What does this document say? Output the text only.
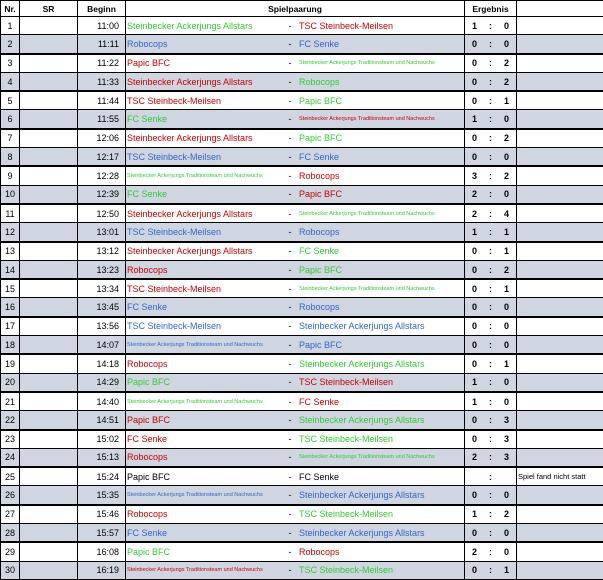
Nr.	SR	Beginn	Spielpaarung	Ergebnis	
1		11:00	Steinbecker Ackerjungs Allstars - TSC Steinbeck-Meilsen	1 : 0	
2		11:11	Robocops - FC Senke	0 : 0	
3		11:22	Papic BFC - Steinbecker Ackerjungs Traditionsteam und Nachwuchs	0 : 2	
4		11:33	Steinbecker Ackerjungs Allstars - Robocops	0 : 2	
5		11:44	TSC Steinbeck-Meilsen - Papic BFC	0 : 1	
6		11:55	FC Senke - Steinbecker Ackerjungs Traditionsteam und Nachwuchs	1 : 0	
7		12:06	Steinbecker Ackerjungs Allstars - Papic BFC	0 : 2	
8		12:17	TSC Steinbeck-Meilsen - FC Senke	0 : 0	
9		12:28	Steinbecker Ackerjungs Traditionsteam und Nachwuchs - Robocops	3 : 2	
10		12:39	FC Senke - Papic BFC	2 : 0	
11		12:50	Steinbecker Ackerjungs Allstars - Steinbecker Ackerjungs Traditionsteam und Nachwuchs	2 : 4	
12		13:01	TSC Steinbeck-Meilsen - Robocops	1 : 1	
13		13:12	Steinbecker Ackerjungs Allstars - FC Senke	0 : 1	
14		13:23	Robocops - Papic BFC	0 : 2	
15		13:34	TSC Steinbeck-Meilsen - Steinbecker Ackerjungs Traditionsteam und Nachwuchs	0 : 1	
16		13:45	FC Senke - Robocops	0 : 0	
17		13:56	TSC Steinbeck-Meilsen - Steinbecker Ackerjungs Allstars	0 : 0	
18		14:07	Steinbecker Ackerjungs Traditionsteam und Nachwuchs - Papic BFC	0 : 0	
19		14:18	Robocops - Steinbecker Ackerjungs Allstars	0 : 1	
20		14:29	Papic BFC - TSC Steinbeck-Meilsen	1 : 0	
21		14:40	Steinbecker Ackerjungs Traditionsteam und Nachwuchs - FC Senke	1 : 0	
22		14:51	Papic BFC - Steinbecker Ackerjungs Allstars	0 : 3	
23		15:02	FC Senke - TSC Steinbeck-Meilsen	0 : 3	
24		15:13	Robocops - Steinbecker Ackerjungs Traditionsteam und Nachwuchs	2 : 3	
25		15:24	Papic BFC - FC Senke	:	Spiel fand nicht statt
26		15:35	Steinbecker Ackerjungs Traditionsteam und Nachwuchs - Steinbecker Ackerjungs Allstars	0 : 0	
27		15:46	Robocops - TSC Steinbeck-Meilsen	1 : 2	
28		15:57	FC Senke - Steinbecker Ackerjungs Allstars	0 : 0	
29		16:08	Papic BFC - Robocops	2 : 0	
30		16:19	Steinbecker Ackerjungs Traditionsteam und Nachwuchs - TSC Steinbeck-Meilsen	0 : 1	
